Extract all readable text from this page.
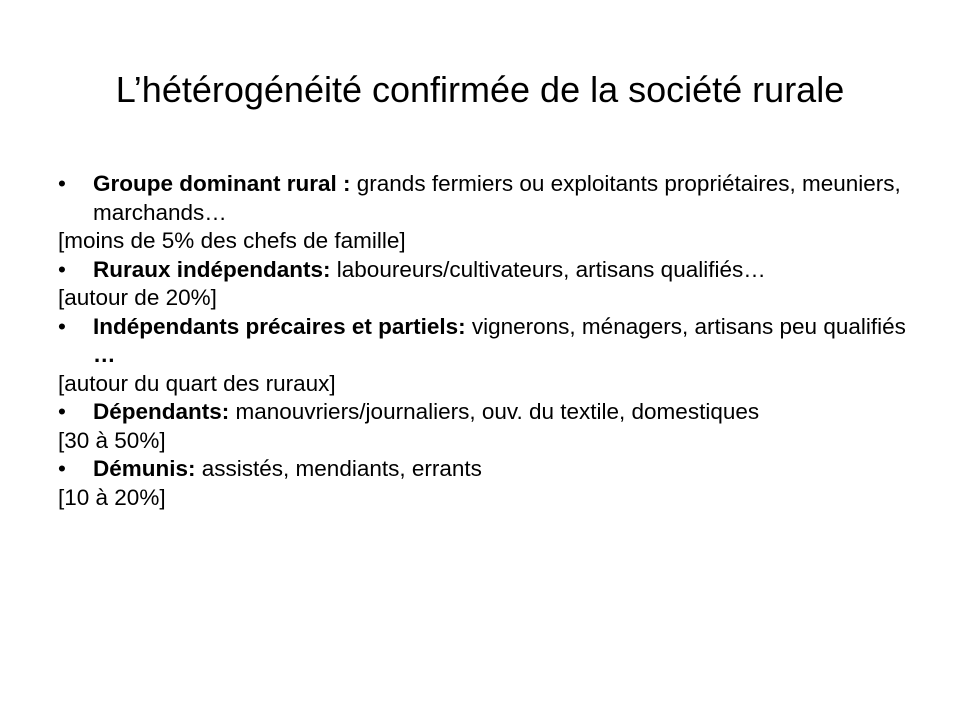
L’hétérogénéité confirmée de la société rurale
•	Groupe dominant rural : grands fermiers ou exploitants propriétaires, meuniers, marchands…
[moins de 5% des chefs de famille]
•	Ruraux indépendants: laboureurs/cultivateurs, artisans qualifiés…
[autour de 20%]
•	Indépendants précaires et partiels: vignerons, ménagers, artisans peu qualifiés …
[autour du quart des ruraux]
•	Dépendants: manouvriers/journaliers, ouv. du textile, domestiques
[30 à 50%]
•	Démunis: assistés, mendiants, errants
[10 à 20%]
